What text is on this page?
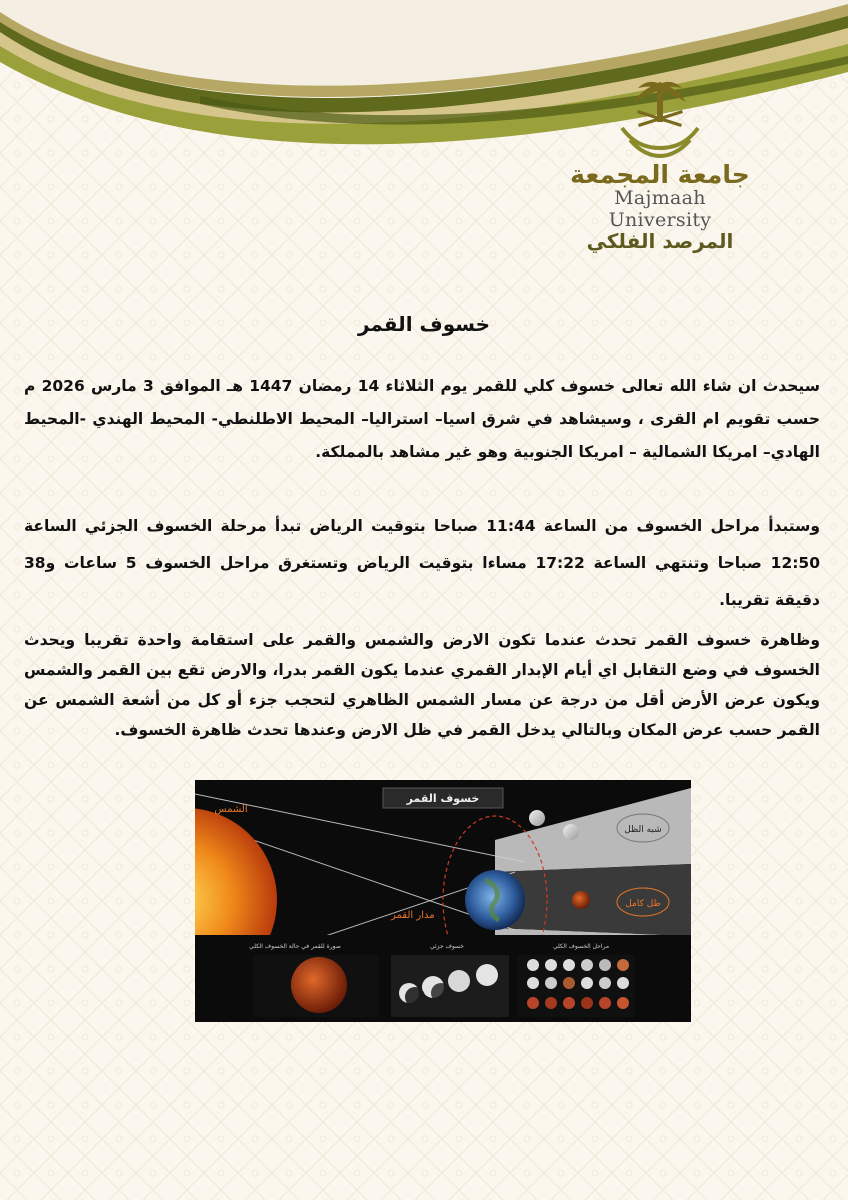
جامعة المجمعة
Majmaah University
المرصد الفلكي
خسوف القمر

سيحدث ان شاء الله تعالى خسوف كلي للقمر يوم الثلاثاء 14 رمضان 1447 هـ الموافق 3 مارس 2026 م حسب تقويم ام القرى ، وسيشاهد في شرق اسيا– استراليا– المحيط الاطلنطي- المحيط الهندي -المحيط الهادي– امريكا الشمالية – امريكا الجنوبية وهو غير مشاهد بالمملكة.

وستبدأ مراحل الخسوف من الساعة 11:44 صباحا بتوقيت الرياض تبدأ مرحلة الخسوف الجزئي الساعة 12:50 صباحا وتنتهي الساعة 17:22 مساءا بتوقيت الرياض وتستغرق مراحل الخسوف 5 ساعات و38 دقيقة تقريبا.

وظاهرة خسوف القمر تحدث عندما تكون الارض والشمس والقمر على استقامة واحدة تقريبا ويحدث الخسوف في وضع التقابل اي أيام الإبدار القمري عندما يكون القمر بدرا، والارض تقع بين القمر والشمس ويكون عرض الأرض أقل من درجة عن مسار الشمس الظاهري لتحجب جزء أو كل من أشعة الشمس عن القمر حسب عرض المكان وبالتالي يدخل القمر في ظل الارض وعندها تحدث ظاهرة الخسوف.

الشمس
خسوف القمر
مدار القمر
شبه الظل
ظل كامل
صورة للقمر في حالة الخسوف الكلي	خسوف جزئي	مراحل الخسوف الكلي
